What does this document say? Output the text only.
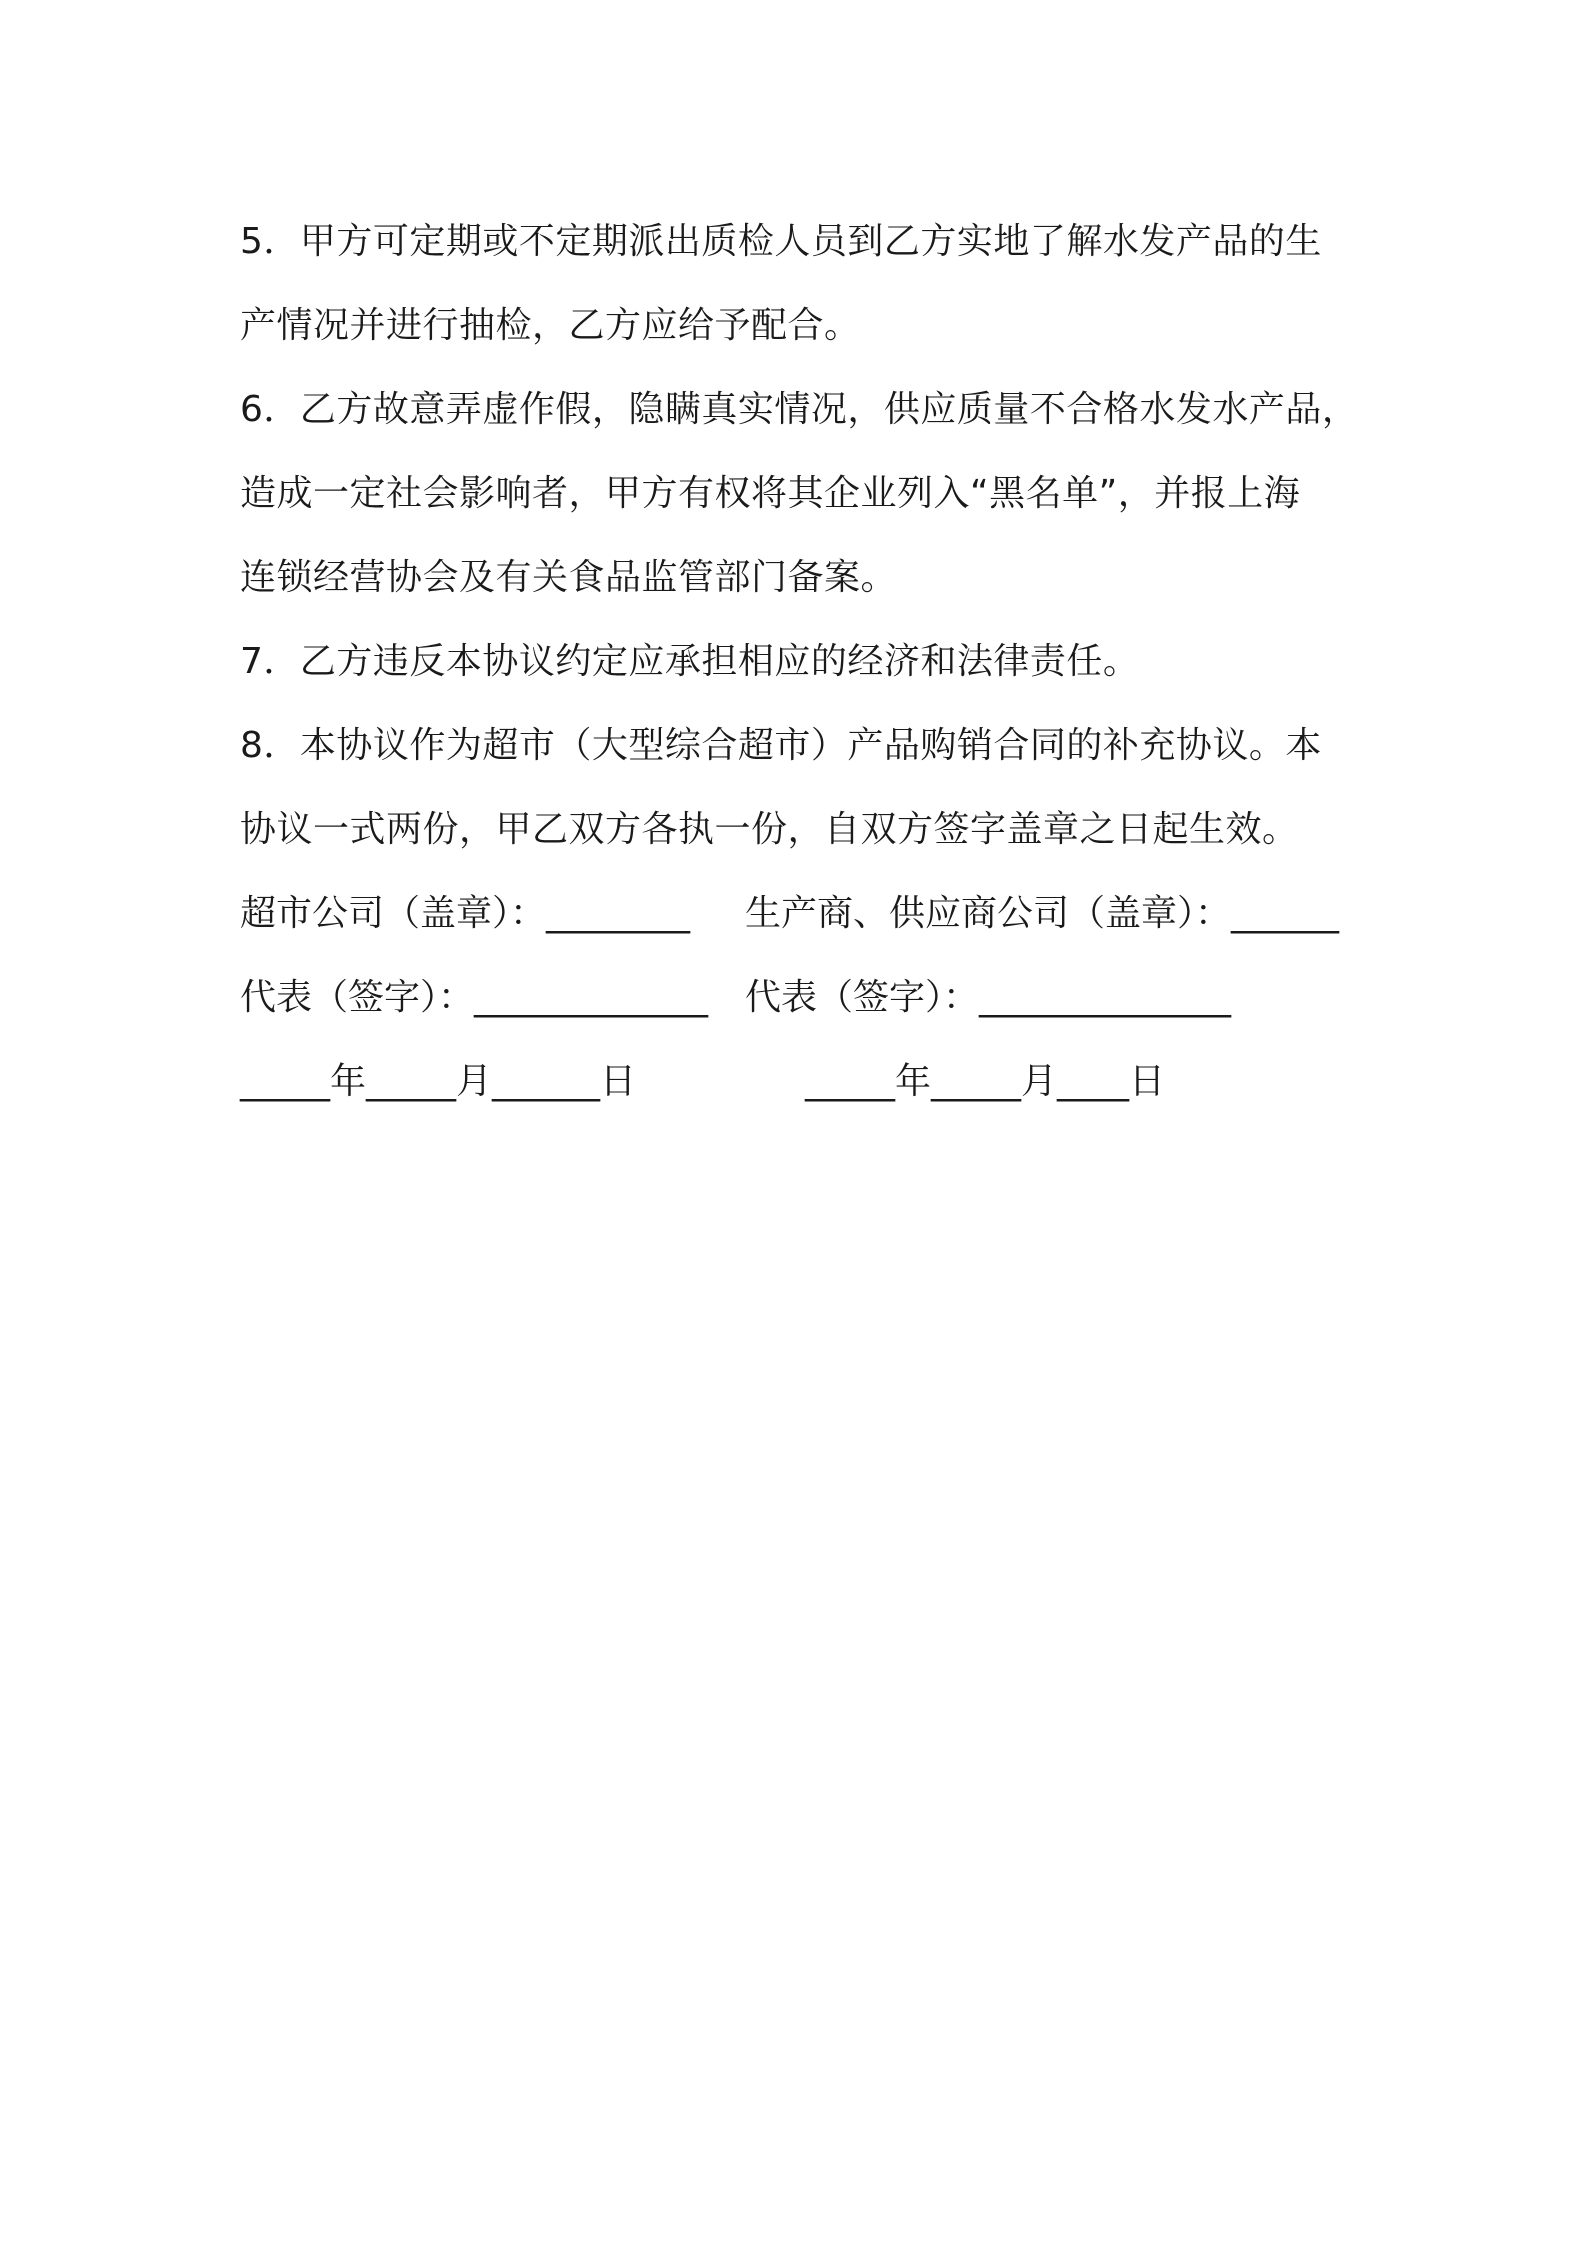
5．甲方可定期或不定期派出质检人员到乙方实地了解水发产品的生
产情况并进行抽检，乙方应给予配合。
6．乙方故意弄虚作假，隐瞒真实情况，供应质量不合格水发水产品，
造成一定社会影响者，甲方有权将其企业列入“黑名单”，并报上海
连锁经营协会及有关食品监管部门备案。
7．乙方违反本协议约定应承担相应的经济和法律责任。
8．本协议作为超市（大型综合超市）产品购销合同的补充协议。本
协议一式两份，甲乙双方各执一份，自双方签字盖章之日起生效。
超市公司（盖章）：________ 生产商、供应商公司（盖章）：______
代表（签字）：_____________ 代表（签字）：______________
_____年_____月______日	_____年_____月____日
